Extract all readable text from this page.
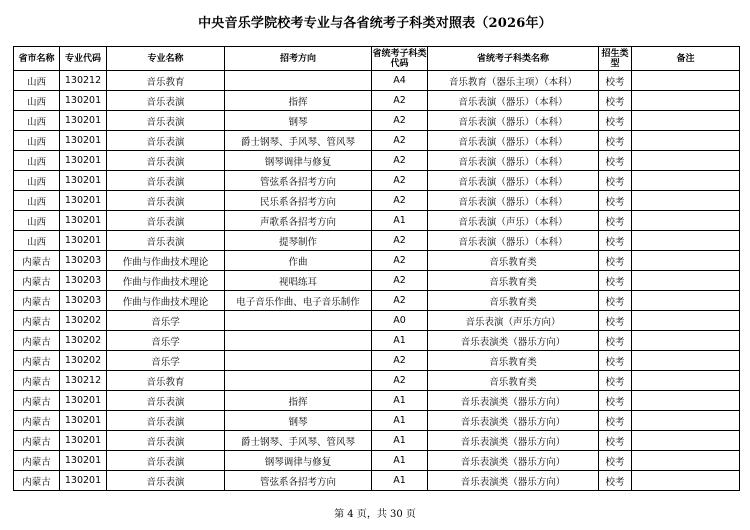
中央音乐学院校考专业与各省统考子科类对照表（2026年）
省市名称	专业代码	专业名称	招考方向	省统考子科类代码	省统考子科类名称	招生类型	备注
山西	130212	音乐教育		A4	音乐教育（器乐主项）（本科）	校考	
山西	130201	音乐表演	指挥	A2	音乐表演（器乐）（本科）	校考	
山西	130201	音乐表演	钢琴	A2	音乐表演（器乐）（本科）	校考	
山西	130201	音乐表演	爵士钢琴、手风琴、管风琴	A2	音乐表演（器乐）（本科）	校考	
山西	130201	音乐表演	钢琴调律与修复	A2	音乐表演（器乐）（本科）	校考	
山西	130201	音乐表演	管弦系各招考方向	A2	音乐表演（器乐）（本科）	校考	
山西	130201	音乐表演	民乐系各招考方向	A2	音乐表演（器乐）（本科）	校考	
山西	130201	音乐表演	声歌系各招考方向	A1	音乐表演（声乐）（本科）	校考	
山西	130201	音乐表演	提琴制作	A2	音乐表演（器乐）（本科）	校考	
内蒙古	130203	作曲与作曲技术理论	作曲	A2	音乐教育类	校考	
内蒙古	130203	作曲与作曲技术理论	视唱练耳	A2	音乐教育类	校考	
内蒙古	130203	作曲与作曲技术理论	电子音乐作曲、电子音乐制作	A2	音乐教育类	校考	
内蒙古	130202	音乐学		A0	音乐表演（声乐方向）	校考	
内蒙古	130202	音乐学		A1	音乐表演类（器乐方向）	校考	
内蒙古	130202	音乐学		A2	音乐教育类	校考	
内蒙古	130212	音乐教育		A2	音乐教育类	校考	
内蒙古	130201	音乐表演	指挥	A1	音乐表演类（器乐方向）	校考	
内蒙古	130201	音乐表演	钢琴	A1	音乐表演类（器乐方向）	校考	
内蒙古	130201	音乐表演	爵士钢琴、手风琴、管风琴	A1	音乐表演类（器乐方向）	校考	
内蒙古	130201	音乐表演	钢琴调律与修复	A1	音乐表演类（器乐方向）	校考	
内蒙古	130201	音乐表演	管弦系各招考方向	A1	音乐表演类（器乐方向）	校考	
第 4 页，共 30 页
